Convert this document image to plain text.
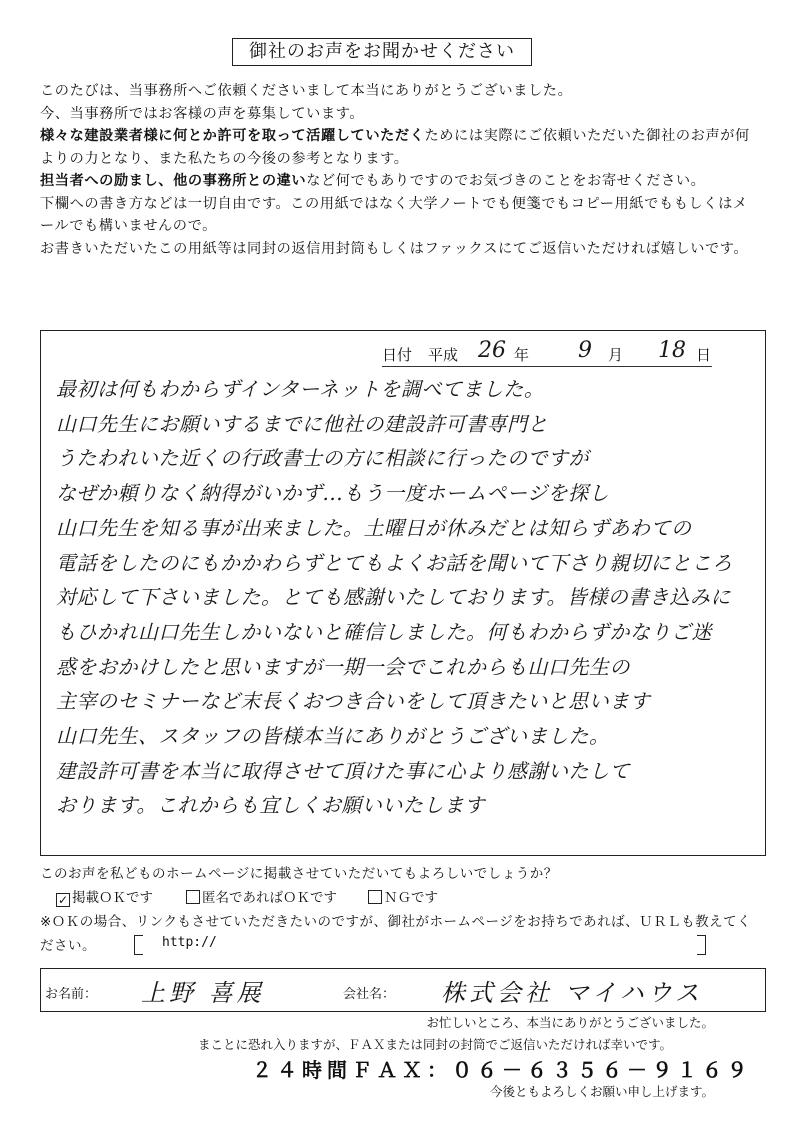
御社のお声をお聞かせください

このたびは、当事務所へご依頼くださいまして本当にありがとうございました。

今、当事務所ではお客様の声を募集しています。

様々な建設業者様に何とか許可を取って活躍していただくためには実際にご依頼いただいた御社のお声が何よりの力となり、また私たちの今後の参考となります。

担当者への励まし、他の事務所との違いなど何でもありですのでお気づきのことをお寄せください。

下欄への書き方などは一切自由です。この用紙ではなく大学ノートでも便箋でもコピー用紙でももしくはメールでも構いませんので。

お書きいただいたこの用紙等は同封の返信用封筒もしくはファックスにてご返信いただければ嬉しいです。

日付 平成 26 年 9 月 18 日
最初は何もわからずインターネットを調べてました。
山口先生にお願いするまでに他社の建設許可書専門と
うたわれいた近くの行政書士の方に相談に行ったのですが
なぜか頼りなく納得がいかず...もう一度ホームページを探し
山口先生を知る事が出来ました。土曜日が休みだとは知らずあわての
電話をしたのにもかかわらずとてもよくお話を聞いて下さり親切にところ
対応して下さいました。とても感謝いたしております。皆様の書き込みに
もひかれ山口先生しかいないと確信しました。何もわからずかなりご迷
惑をおかけしたと思いますが一期一会でこれからも山口先生の
主宰のセミナーなど末長くおつき合いをして頂きたいと思います
山口先生、スタッフの皆様本当にありがとうございました。
建設許可書を本当に取得させて頂けた事に心より感謝いたして
おります。これからも宜しくお願いいたします
このお声を私どものホームページに掲載させていただいてもよろしいでしょうか？
✓ 掲載ＯＫです	匿名であればＯＫです	ＮＧです
※ＯＫの場合、リンクもさせていただきたいのですが、御社がホームページをお持ちであれば、ＵＲＬも教えてください。	http://
お名前： 上野 喜展	会社名： 株式会社 マイハウス
お忙しいところ、本当にありがとうございました。
まことに恐れ入りますが、ＦＡＸまたは同封の封筒でご返信いただければ幸いです。
２４時間ＦＡＸ：０６－６３５６－９１６９
今後ともよろしくお願い申し上げます。
